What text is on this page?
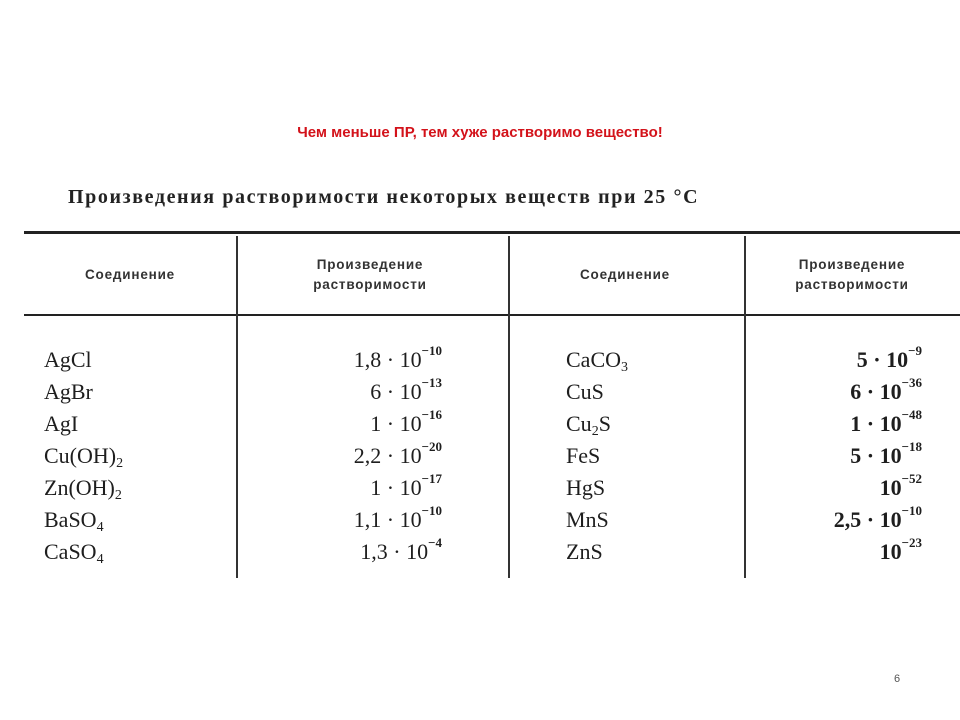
Чем меньше ПР, тем хуже растворимо вещество!
Произведения растворимости некоторых веществ при 25 °С
Соединение
Произведение
растворимости
Соединение
Произведение
растворимости
AgCl
AgBr
AgI
$Cu(OH)_2$
$Zn(OH)_2$
BaSO$_4$
CaSO$_4$
$1,8 \cdot 10^{-10}$
$6 \cdot 10^{-13}$
$1 \cdot 10^{-16}$
$2,2 \cdot 10^{-20}$
$1 \cdot 10^{-17}$
$1,1 \cdot 10^{-10}$
$1,3 \cdot 10^{-4}$
CaCO$_3$
CuS
$Cu_2S$
FeS
HgS
MnS
ZnS
$5 \cdot 10^{-9}$
$6 \cdot 10^{-36}$
$1 \cdot 10^{-48}$
$5 \cdot 10^{-18}$
$10^{-52}$
$2,5 \cdot 10^{-10}$
$10^{-23}$
6
